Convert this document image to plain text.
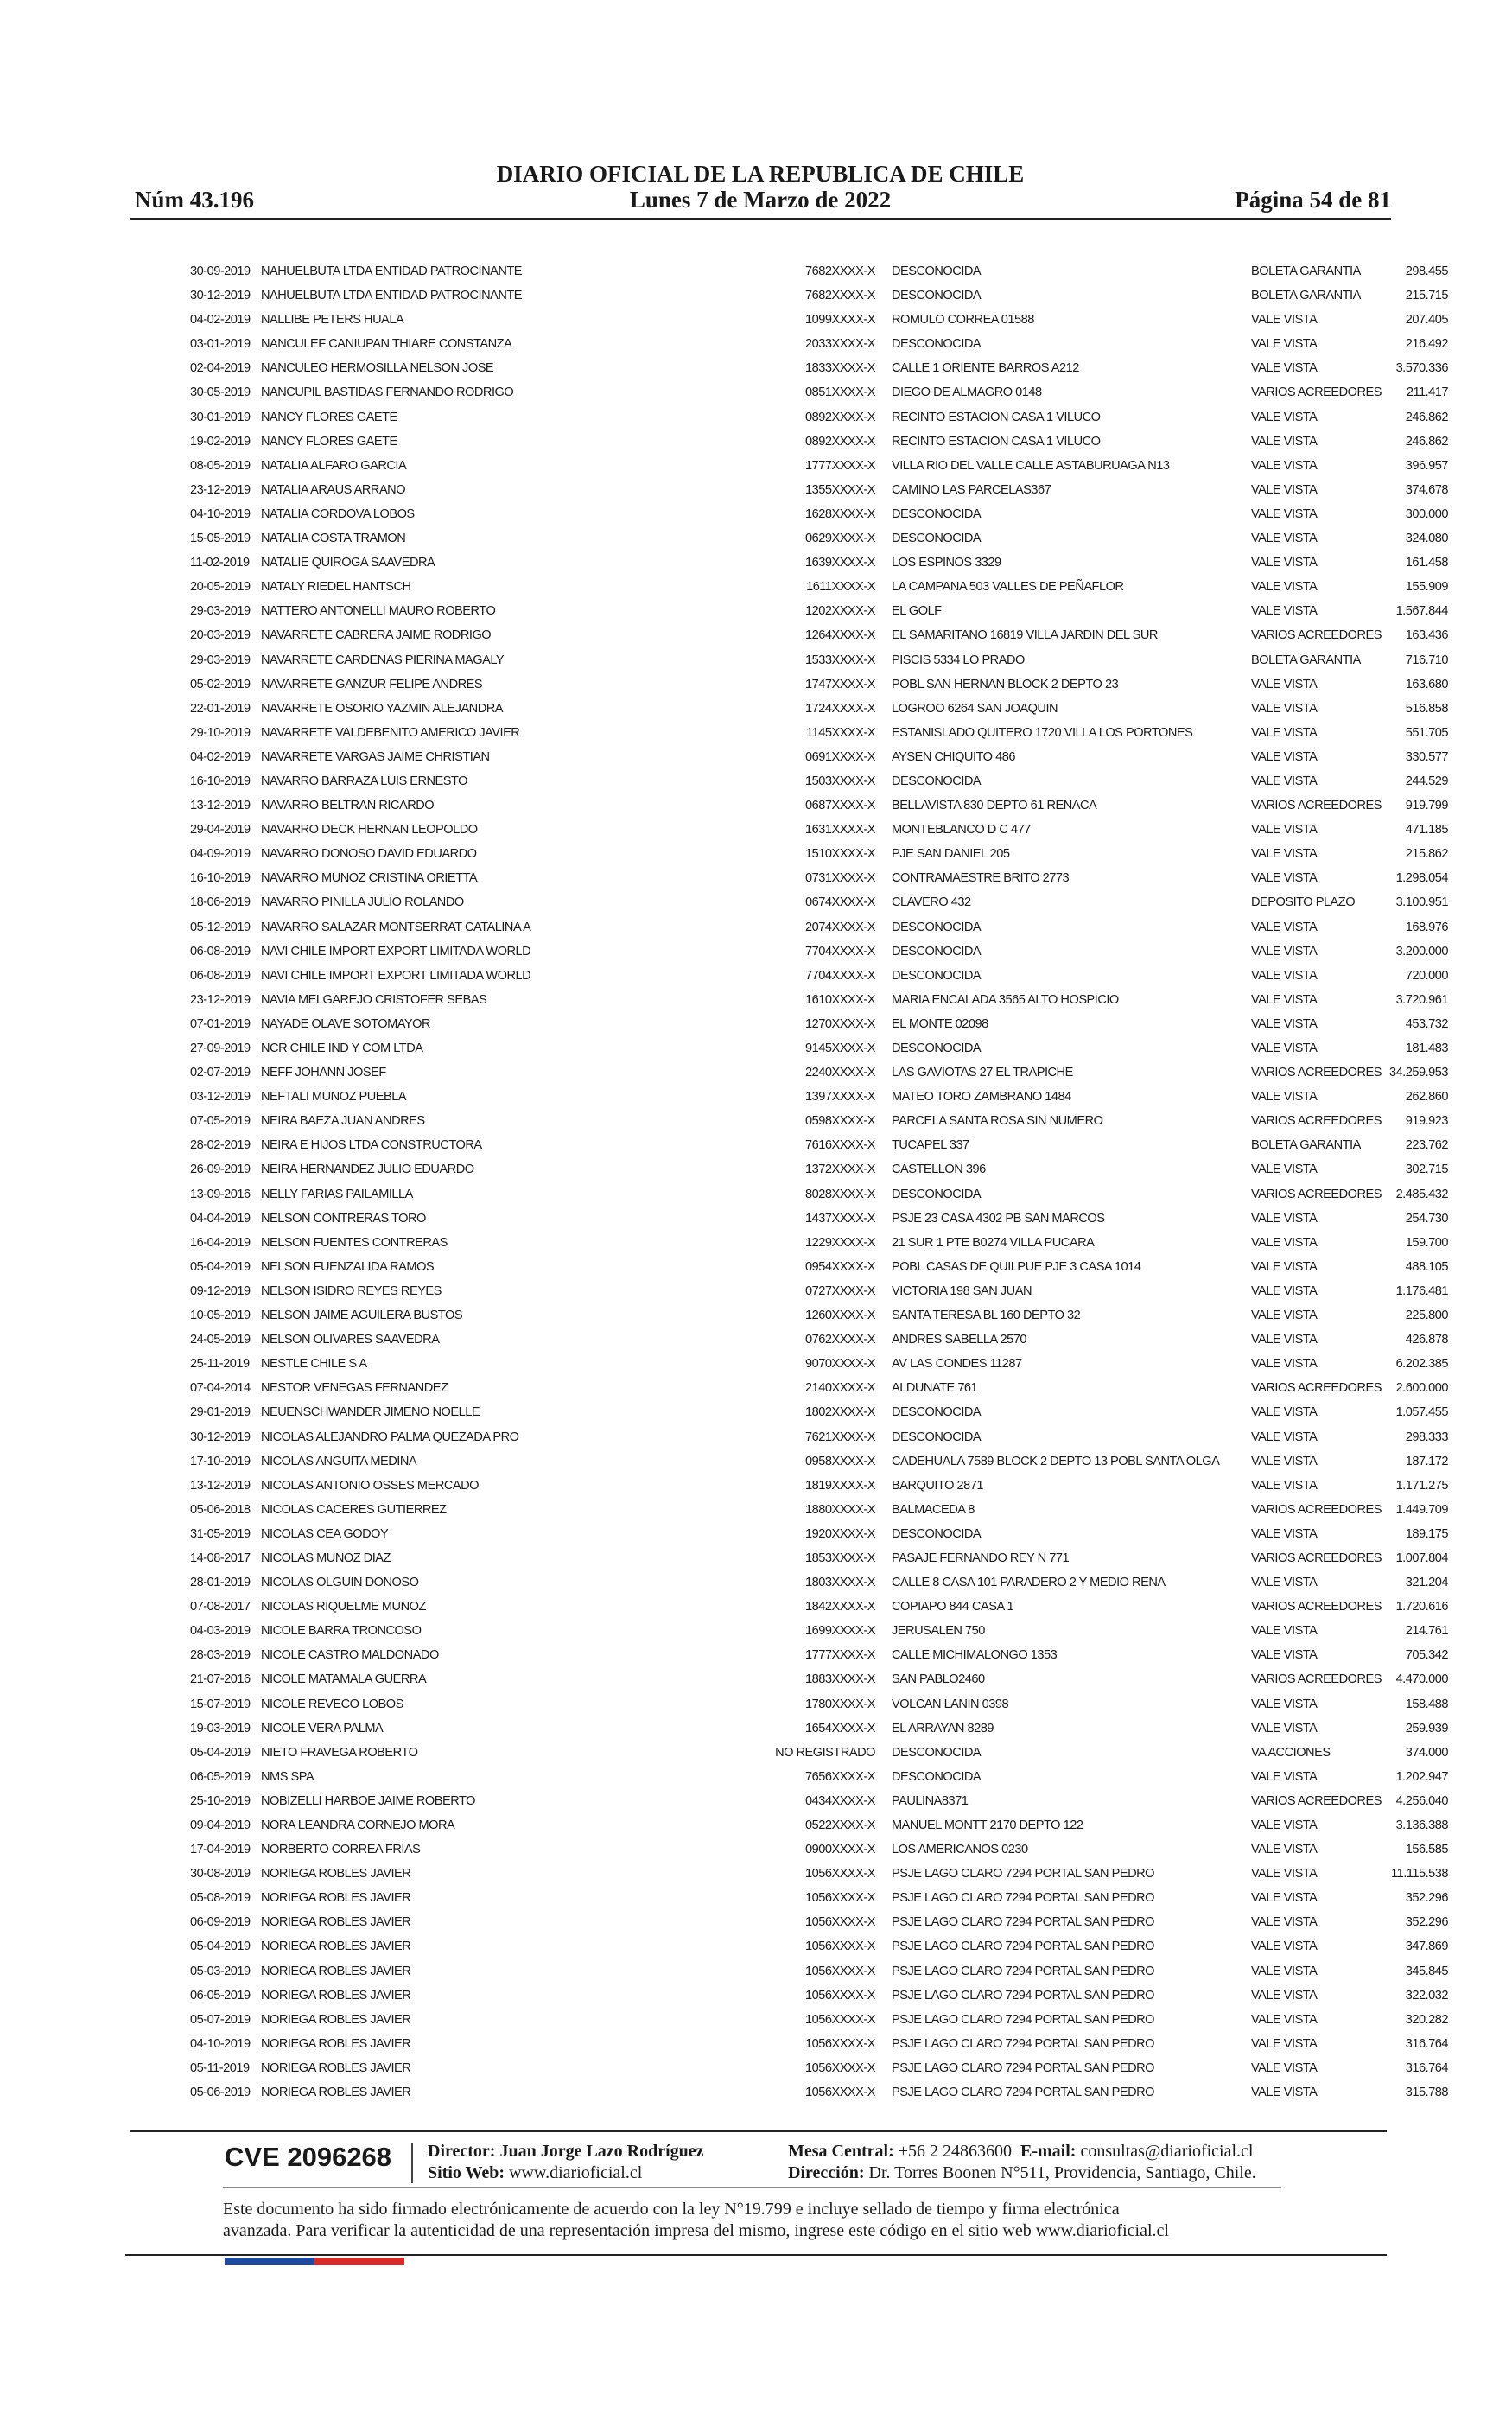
Núm 43.196
DIARIO OFICIAL DE LA REPUBLICA DE CHILE
Lunes 7 de Marzo de 2022	Página 54 de 81
30-09-2019 NAHUELBUTA LTDA ENTIDAD PATROCINANTE	7682XXXX-X DESCONOCIDA	BOLETA GARANTIA	298.455
30-12-2019 NAHUELBUTA LTDA ENTIDAD PATROCINANTE	7682XXXX-X DESCONOCIDA	BOLETA GARANTIA	215.715
04-02-2019 NALLIBE PETERS HUALA	1099XXXX-X ROMULO CORREA 01588	VALE VISTA	207.405
03-01-2019 NANCULEF CANIUPAN THIARE CONSTANZA	2033XXXX-X DESCONOCIDA	VALE VISTA	216.492
02-04-2019 NANCULEO HERMOSILLA NELSON JOSE	1833XXXX-X CALLE 1 ORIENTE BARROS A212	VALE VISTA	3.570.336
30-05-2019 NANCUPIL BASTIDAS FERNANDO RODRIGO	0851XXXX-X DIEGO DE ALMAGRO 0148	VARIOS ACREEDORES	211.417
30-01-2019 NANCY FLORES GAETE	0892XXXX-X RECINTO ESTACION CASA 1 VILUCO	VALE VISTA	246.862
19-02-2019 NANCY FLORES GAETE	0892XXXX-X RECINTO ESTACION CASA 1 VILUCO	VALE VISTA	246.862
08-05-2019 NATALIA ALFARO GARCIA	1777XXXX-X VILLA RIO DEL VALLE CALLE ASTABURUAGA N13	VALE VISTA	396.957
23-12-2019 NATALIA ARAUS ARRANO	1355XXXX-X CAMINO LAS PARCELAS367	VALE VISTA	374.678
04-10-2019 NATALIA CORDOVA LOBOS	1628XXXX-X DESCONOCIDA	VALE VISTA	300.000
15-05-2019 NATALIA COSTA TRAMON	0629XXXX-X DESCONOCIDA	VALE VISTA	324.080
11-02-2019 NATALIE QUIROGA SAAVEDRA	1639XXXX-X LOS ESPINOS 3329	VALE VISTA	161.458
20-05-2019 NATALY RIEDEL HANTSCH	1611XXXX-X LA CAMPANA 503 VALLES DE PEÑAFLOR	VALE VISTA	155.909
29-03-2019 NATTERO ANTONELLI MAURO ROBERTO	1202XXXX-X EL GOLF	VALE VISTA	1.567.844
20-03-2019 NAVARRETE CABRERA JAIME RODRIGO	1264XXXX-X EL SAMARITANO 16819 VILLA JARDIN DEL SUR	VARIOS ACREEDORES	163.436
29-03-2019 NAVARRETE CARDENAS PIERINA MAGALY	1533XXXX-X PISCIS 5334 LO PRADO	BOLETA GARANTIA	716.710
05-02-2019 NAVARRETE GANZUR FELIPE ANDRES	1747XXXX-X POBL SAN HERNAN BLOCK 2 DEPTO 23	VALE VISTA	163.680
22-01-2019 NAVARRETE OSORIO YAZMIN ALEJANDRA	1724XXXX-X LOGROO 6264 SAN JOAQUIN	VALE VISTA	516.858
29-10-2019 NAVARRETE VALDEBENITO AMERICO JAVIER	1145XXXX-X ESTANISLADO QUITERO 1720 VILLA LOS PORTONES	VALE VISTA	551.705
04-02-2019 NAVARRETE VARGAS JAIME CHRISTIAN	0691XXXX-X AYSEN CHIQUITO 486	VALE VISTA	330.577
16-10-2019 NAVARRO BARRAZA LUIS ERNESTO	1503XXXX-X DESCONOCIDA	VALE VISTA	244.529
13-12-2019 NAVARRO BELTRAN RICARDO	0687XXXX-X BELLAVISTA 830 DEPTO 61 RENACA	VARIOS ACREEDORES	919.799
29-04-2019 NAVARRO DECK HERNAN LEOPOLDO	1631XXXX-X MONTEBLANCO D C 477	VALE VISTA	471.185
04-09-2019 NAVARRO DONOSO DAVID EDUARDO	1510XXXX-X PJE SAN DANIEL 205	VALE VISTA	215.862
16-10-2019 NAVARRO MUNOZ CRISTINA ORIETTA	0731XXXX-X CONTRAMAESTRE BRITO 2773	VALE VISTA	1.298.054
18-06-2019 NAVARRO PINILLA JULIO ROLANDO	0674XXXX-X CLAVERO 432	DEPOSITO PLAZO	3.100.951
05-12-2019 NAVARRO SALAZAR MONTSERRAT CATALINA A	2074XXXX-X DESCONOCIDA	VALE VISTA	168.976
06-08-2019 NAVI CHILE IMPORT EXPORT LIMITADA WORLD	7704XXXX-X DESCONOCIDA	VALE VISTA	3.200.000
06-08-2019 NAVI CHILE IMPORT EXPORT LIMITADA WORLD	7704XXXX-X DESCONOCIDA	VALE VISTA	720.000
23-12-2019 NAVIA MELGAREJO CRISTOFER SEBAS	1610XXXX-X MARIA ENCALADA 3565 ALTO HOSPICIO	VALE VISTA	3.720.961
07-01-2019 NAYADE OLAVE SOTOMAYOR	1270XXXX-X EL MONTE 02098	VALE VISTA	453.732
27-09-2019 NCR CHILE IND Y COM LTDA	9145XXXX-X DESCONOCIDA	VALE VISTA	181.483
02-07-2019 NEFF JOHANN JOSEF	2240XXXX-X LAS GAVIOTAS 27 EL TRAPICHE	VARIOS ACREEDORES 34.259.953
03-12-2019 NEFTALI MUNOZ PUEBLA	1397XXXX-X MATEO TORO ZAMBRANO 1484	VALE VISTA	262.860
07-05-2019 NEIRA BAEZA JUAN ANDRES	0598XXXX-X PARCELA SANTA ROSA SIN NUMERO	VARIOS ACREEDORES	919.923
28-02-2019 NEIRA E HIJOS LTDA CONSTRUCTORA	7616XXXX-X TUCAPEL 337	BOLETA GARANTIA	223.762
26-09-2019 NEIRA HERNANDEZ JULIO EDUARDO	1372XXXX-X CASTELLON 396	VALE VISTA	302.715
13-09-2016 NELLY FARIAS PAILAMILLA	8028XXXX-X DESCONOCIDA	VARIOS ACREEDORES	2.485.432
04-04-2019 NELSON CONTRERAS TORO	1437XXXX-X PSJE 23 CASA 4302 PB SAN MARCOS	VALE VISTA	254.730
16-04-2019 NELSON FUENTES CONTRERAS	1229XXXX-X 21 SUR 1 PTE B0274 VILLA PUCARA	VALE VISTA	159.700
05-04-2019 NELSON FUENZALIDA RAMOS	0954XXXX-X POBL CASAS DE QUILPUE PJE 3 CASA 1014	VALE VISTA	488.105
09-12-2019 NELSON ISIDRO REYES REYES	0727XXXX-X VICTORIA 198 SAN JUAN	VALE VISTA	1.176.481
10-05-2019 NELSON JAIME AGUILERA BUSTOS	1260XXXX-X SANTA TERESA BL 160 DEPTO 32	VALE VISTA	225.800
24-05-2019 NELSON OLIVARES SAAVEDRA	0762XXXX-X ANDRES SABELLA 2570	VALE VISTA	426.878
25-11-2019 NESTLE CHILE S A	9070XXXX-X AV LAS CONDES 11287	VALE VISTA	6.202.385
07-04-2014 NESTOR VENEGAS FERNANDEZ	2140XXXX-X ALDUNATE 761	VARIOS ACREEDORES	2.600.000
29-01-2019 NEUENSCHWANDER JIMENO NOELLE	1802XXXX-X DESCONOCIDA	VALE VISTA	1.057.455
30-12-2019 NICOLAS ALEJANDRO PALMA QUEZADA PRO	7621XXXX-X DESCONOCIDA	VALE VISTA	298.333
17-10-2019 NICOLAS ANGUITA MEDINA	0958XXXX-X CADEHUALA 7589 BLOCK 2 DEPTO 13 POBL SANTA OLGA	VALE VISTA	187.172
13-12-2019 NICOLAS ANTONIO OSSES MERCADO	1819XXXX-X BARQUITO 2871	VALE VISTA	1.171.275
05-06-2018 NICOLAS CACERES GUTIERREZ	1880XXXX-X BALMACEDA 8	VARIOS ACREEDORES	1.449.709
31-05-2019 NICOLAS CEA GODOY	1920XXXX-X DESCONOCIDA	VALE VISTA	189.175
14-08-2017 NICOLAS MUNOZ DIAZ	1853XXXX-X PASAJE FERNANDO REY N 771	VARIOS ACREEDORES	1.007.804
28-01-2019 NICOLAS OLGUIN DONOSO	1803XXXX-X CALLE 8 CASA 101 PARADERO 2 Y MEDIO RENA	VALE VISTA	321.204
07-08-2017 NICOLAS RIQUELME MUNOZ	1842XXXX-X COPIAPO 844 CASA 1	VARIOS ACREEDORES	1.720.616
04-03-2019 NICOLE BARRA TRONCOSO	1699XXXX-X JERUSALEN 750	VALE VISTA	214.761
28-03-2019 NICOLE CASTRO MALDONADO	1777XXXX-X CALLE MICHIMALONGO 1353	VALE VISTA	705.342
21-07-2016 NICOLE MATAMALA GUERRA	1883XXXX-X SAN PABLO2460	VARIOS ACREEDORES	4.470.000
15-07-2019 NICOLE REVECO LOBOS	1780XXXX-X VOLCAN LANIN 0398	VALE VISTA	158.488
19-03-2019 NICOLE VERA PALMA	1654XXXX-X EL ARRAYAN 8289	VALE VISTA	259.939
05-04-2019 NIETO FRAVEGA ROBERTO	NO REGISTRADO DESCONOCIDA	VA ACCIONES	374.000
06-05-2019 NMS SPA	7656XXXX-X DESCONOCIDA	VALE VISTA	1.202.947
25-10-2019 NOBIZELLI HARBOE JAIME ROBERTO	0434XXXX-X PAULINA8371	VARIOS ACREEDORES	4.256.040
09-04-2019 NORA LEANDRA CORNEJO MORA	0522XXXX-X MANUEL MONTT 2170 DEPTO 122	VALE VISTA	3.136.388
17-04-2019 NORBERTO CORREA FRIAS	0900XXXX-X LOS AMERICANOS 0230	VALE VISTA	156.585
30-08-2019 NORIEGA ROBLES JAVIER	1056XXXX-X PSJE LAGO CLARO 7294 PORTAL SAN PEDRO	VALE VISTA	11.115.538
05-08-2019 NORIEGA ROBLES JAVIER	1056XXXX-X PSJE LAGO CLARO 7294 PORTAL SAN PEDRO	VALE VISTA	352.296
06-09-2019 NORIEGA ROBLES JAVIER	1056XXXX-X PSJE LAGO CLARO 7294 PORTAL SAN PEDRO	VALE VISTA	352.296
05-04-2019 NORIEGA ROBLES JAVIER	1056XXXX-X PSJE LAGO CLARO 7294 PORTAL SAN PEDRO	VALE VISTA	347.869
05-03-2019 NORIEGA ROBLES JAVIER	1056XXXX-X PSJE LAGO CLARO 7294 PORTAL SAN PEDRO	VALE VISTA	345.845
06-05-2019 NORIEGA ROBLES JAVIER	1056XXXX-X PSJE LAGO CLARO 7294 PORTAL SAN PEDRO	VALE VISTA	322.032
05-07-2019 NORIEGA ROBLES JAVIER	1056XXXX-X PSJE LAGO CLARO 7294 PORTAL SAN PEDRO	VALE VISTA	320.282
04-10-2019 NORIEGA ROBLES JAVIER	1056XXXX-X PSJE LAGO CLARO 7294 PORTAL SAN PEDRO	VALE VISTA	316.764
05-11-2019 NORIEGA ROBLES JAVIER	1056XXXX-X PSJE LAGO CLARO 7294 PORTAL SAN PEDRO	VALE VISTA	316.764
05-06-2019 NORIEGA ROBLES JAVIER	1056XXXX-X PSJE LAGO CLARO 7294 PORTAL SAN PEDRO	VALE VISTA	315.788
CVE 2096268 Director: Juan Jorge Lazo Rodríguez
Sitio Web: www.diarioficial.cl
Mesa Central: +56 2 24863600 E-mail: consultas@diarioficial.cl
Dirección: Dr. Torres Boonen N°511, Providencia, Santiago, Chile.
Este documento ha sido firmado electrónicamente de acuerdo con la ley N°19.799 e incluye sellado de tiempo y firma electrónica
avanzada. Para verificar la autenticidad de una representación impresa del mismo, ingrese este código en el sitio web www.diarioficial.cl
